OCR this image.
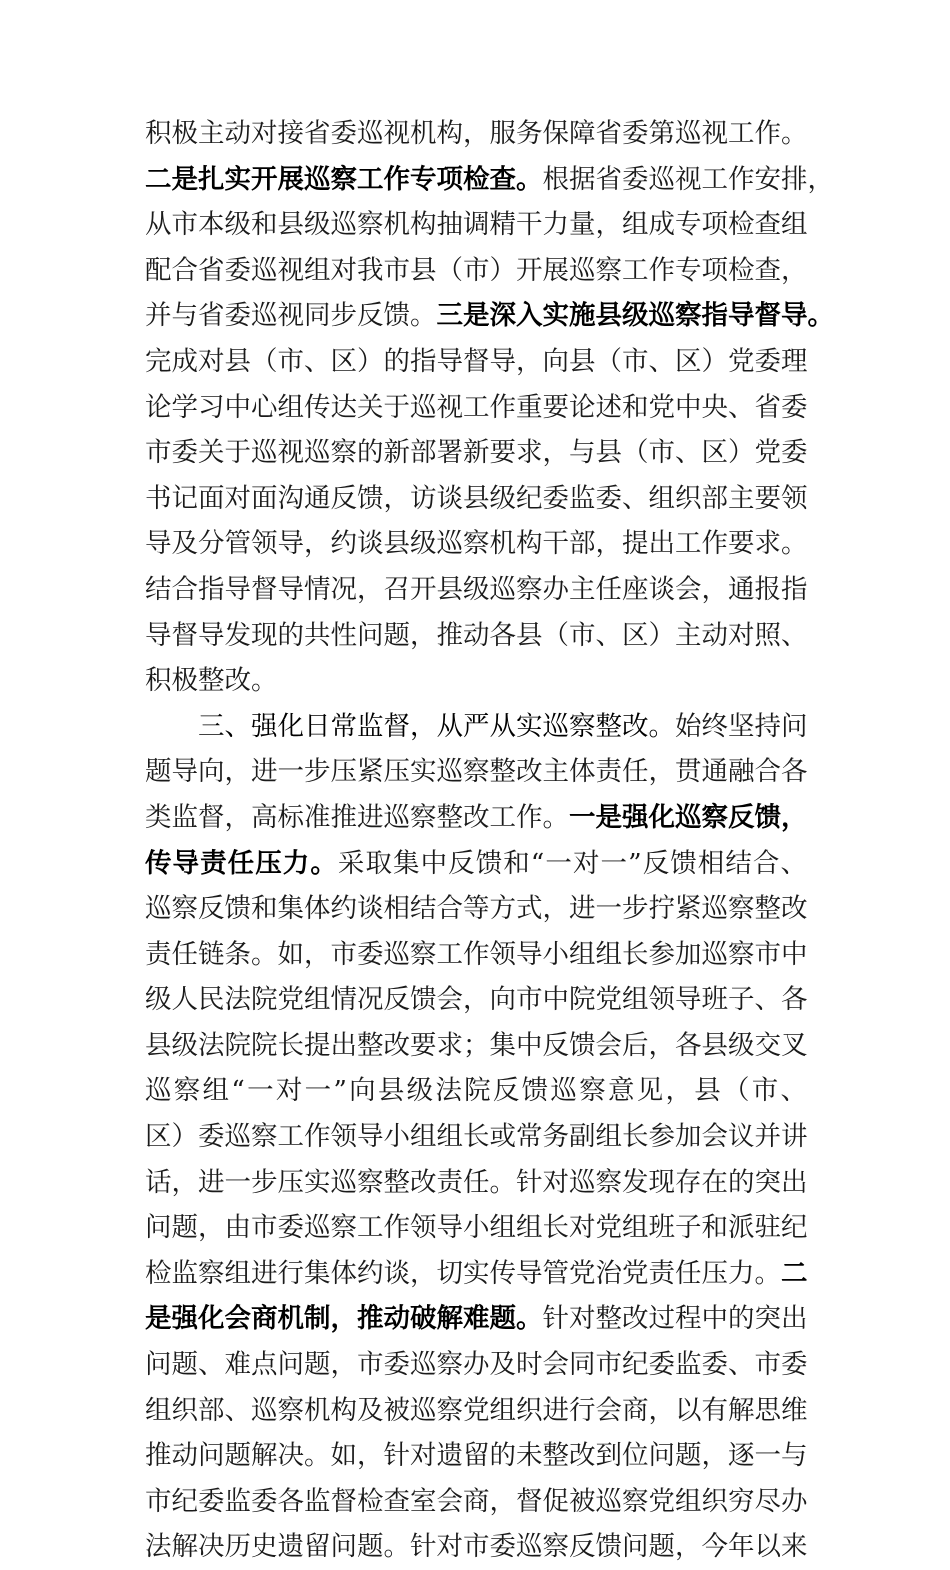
积极主动对接省委巡视机构，服务保障省委第巡视工作。
二是扎实开展巡察工作专项检查。根据省委巡视工作安排，
从市本级和县级巡察机构抽调精干力量，组成专项检查组
配合省委巡视组对我市县（市）开展巡察工作专项检查，
并与省委巡视同步反馈。三是深入实施县级巡察指导督导。
完成对县（市、区）的指导督导，向县（市、区）党委理
论学习中心组传达关于巡视工作重要论述和党中央、省委
市委关于巡视巡察的新部署新要求，与县（市、区）党委
书记面对面沟通反馈，访谈县级纪委监委、组织部主要领
导及分管领导，约谈县级巡察机构干部，提出工作要求。
结合指导督导情况，召开县级巡察办主任座谈会，通报指
导督导发现的共性问题，推动各县（市、区）主动对照、
积极整改。
三、强化日常监督，从严从实巡察整改。始终坚持问
题导向，进一步压紧压实巡察整改主体责任，贯通融合各
类监督，高标准推进巡察整改工作。一是强化巡察反馈，
传导责任压力。采取集中反馈和“一对一”反馈相结合、
巡察反馈和集体约谈相结合等方式，进一步拧紧巡察整改
责任链条。如，市委巡察工作领导小组组长参加巡察市中
级人民法院党组情况反馈会，向市中院党组领导班子、各
县级法院院长提出整改要求；集中反馈会后，各县级交叉
巡察组“一对一”向县级法院反馈巡察意见，县（市、
区）委巡察工作领导小组组长或常务副组长参加会议并讲
话，进一步压实巡察整改责任。针对巡察发现存在的突出
问题，由市委巡察工作领导小组组长对党组班子和派驻纪
检监察组进行集体约谈，切实传导管党治党责任压力。二
是强化会商机制，推动破解难题。针对整改过程中的突出
问题、难点问题，市委巡察办及时会同市纪委监委、市委
组织部、巡察机构及被巡察党组织进行会商，以有解思维
推动问题解决。如，针对遗留的未整改到位问题，逐一与
市纪委监委各监督检查室会商，督促被巡察党组织穷尽办
法解决历史遗留问题。针对市委巡察反馈问题，今年以来
